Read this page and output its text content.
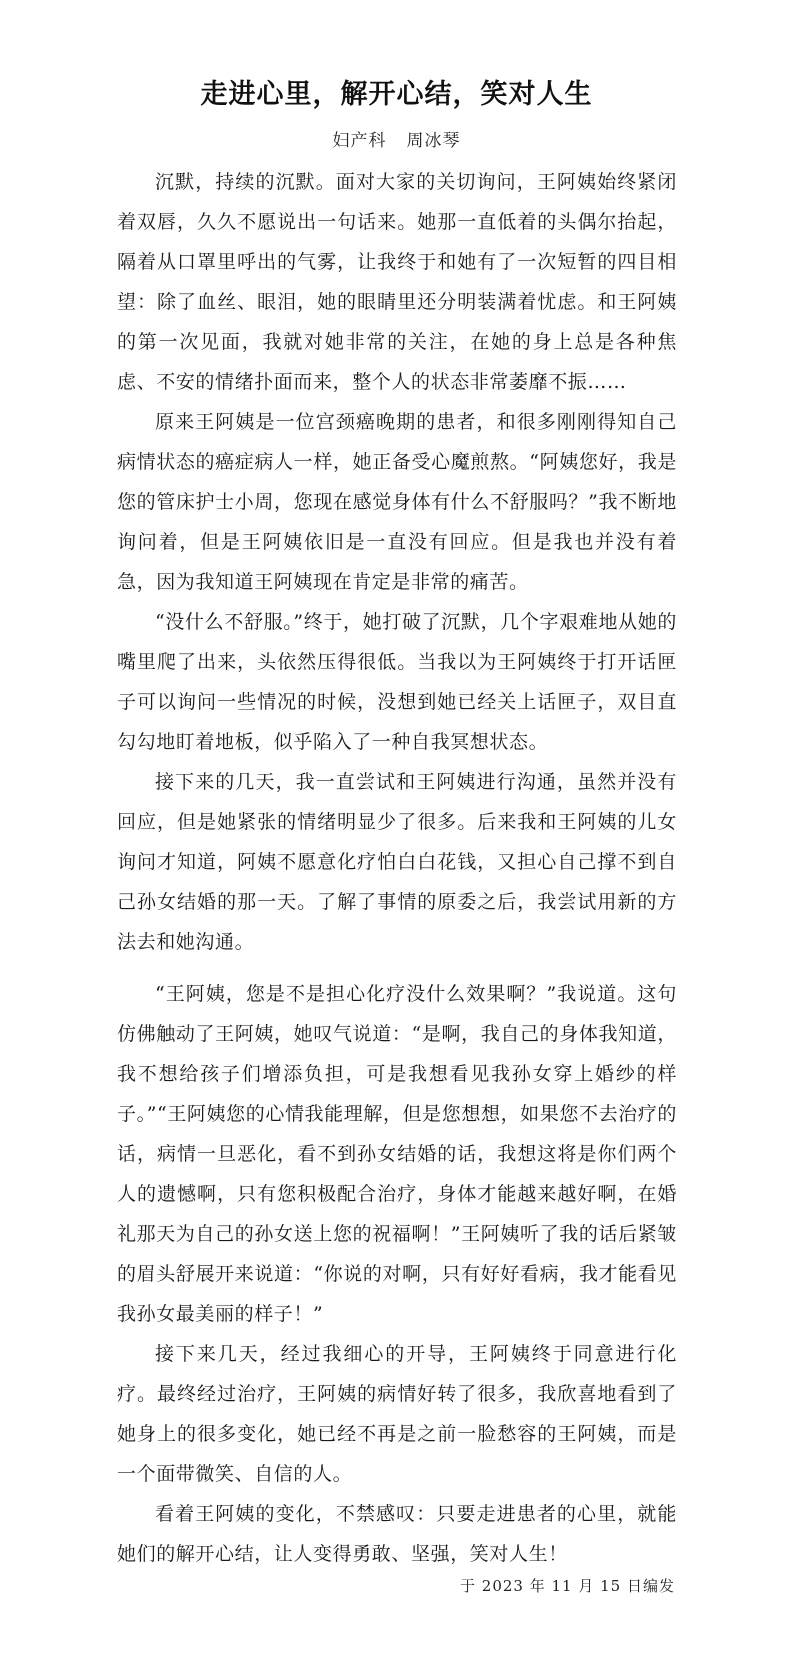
走进心里，解开心结，笑对人生
妇产科 周冰琴

沉默，持续的沉默。面对大家的关切询问，王阿姨始终紧闭着双唇，久久不愿说出一句话来。她那一直低着的头偶尔抬起，隔着从口罩里呼出的气雾，让我终于和她有了一次短暂的四目相望：除了血丝、眼泪，她的眼睛里还分明装满着忧虑。和王阿姨的第一次见面，我就对她非常的关注，在她的身上总是各种焦虑、不安的情绪扑面而来，整个人的状态非常萎靡不振……

原来王阿姨是一位宫颈癌晚期的患者，和很多刚刚得知自己病情状态的癌症病人一样，她正备受心魔煎熬。“阿姨您好，我是您的管床护士小周，您现在感觉身体有什么不舒服吗？”我不断地询问着，但是王阿姨依旧是一直没有回应。但是我也并没有着急，因为我知道王阿姨现在肯定是非常的痛苦。

“没什么不舒服。”终于，她打破了沉默，几个字艰难地从她的嘴里爬了出来，头依然压得很低。当我以为王阿姨终于打开话匣子可以询问一些情况的时候，没想到她已经关上话匣子，双目直勾勾地盯着地板，似乎陷入了一种自我冥想状态。

接下来的几天，我一直尝试和王阿姨进行沟通，虽然并没有回应，但是她紧张的情绪明显少了很多。后来我和王阿姨的儿女询问才知道，阿姨不愿意化疗怕白白花钱，又担心自己撑不到自己孙女结婚的那一天。了解了事情的原委之后，我尝试用新的方法去和她沟通。

“王阿姨，您是不是担心化疗没什么效果啊？”我说道。这句仿佛触动了王阿姨，她叹气说道：“是啊，我自己的身体我知道，我不想给孩子们增添负担，可是我想看见我孙女穿上婚纱的样子。”“王阿姨您的心情我能理解，但是您想想，如果您不去治疗的话，病情一旦恶化，看不到孙女结婚的话，我想这将是你们两个人的遗憾啊，只有您积极配合治疗，身体才能越来越好啊，在婚礼那天为自己的孙女送上您的祝福啊！”王阿姨听了我的话后紧皱的眉头舒展开来说道：“你说的对啊，只有好好看病，我才能看见我孙女最美丽的样子！”

接下来几天，经过我细心的开导，王阿姨终于同意进行化疗。最终经过治疗，王阿姨的病情好转了很多，我欣喜地看到了她身上的很多变化，她已经不再是之前一脸愁容的王阿姨，而是一个面带微笑、自信的人。

看着王阿姨的变化，不禁感叹：只要走进患者的心里，就能她们的解开心结，让人变得勇敢、坚强，笑对人生！

于 2023 年 11 月 15 日编发
